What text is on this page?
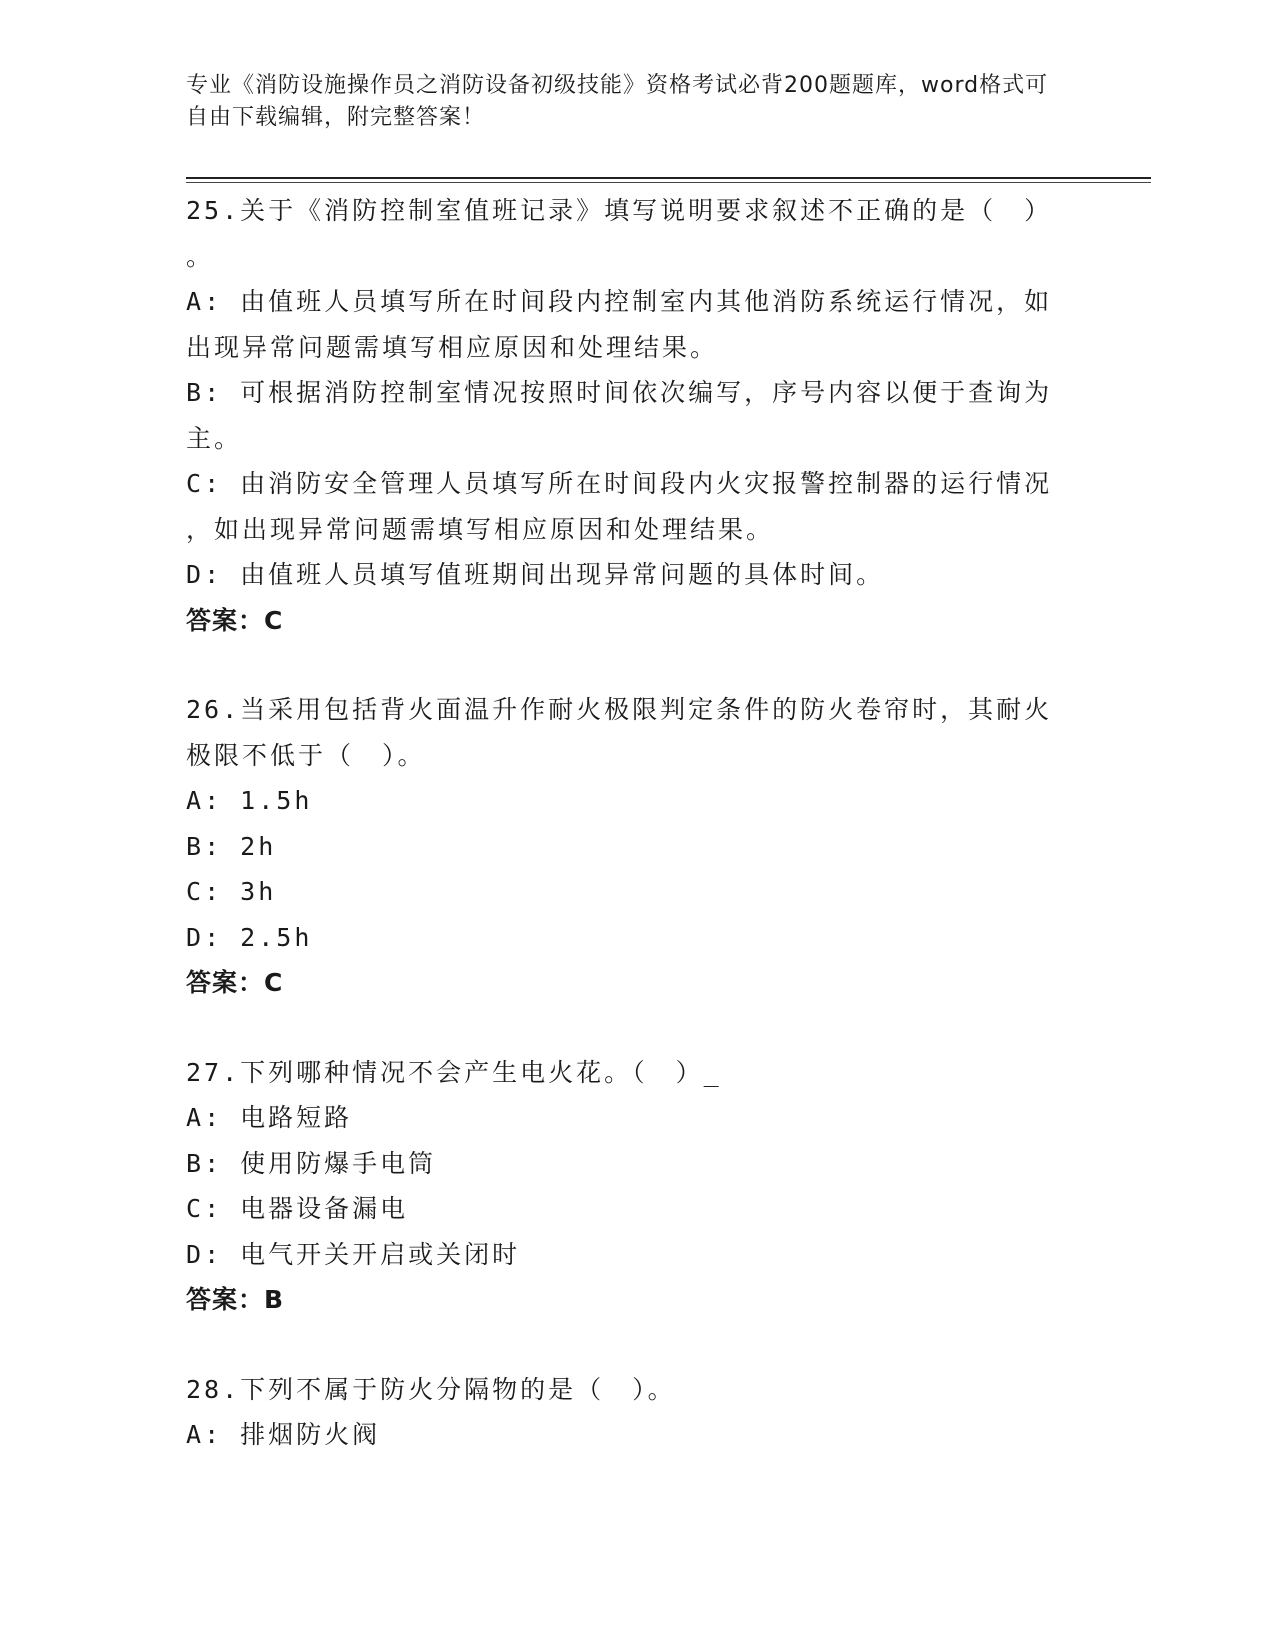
专业《消防设施操作员之消防设备初级技能》资格考试必背200题题库，word格式可自由下载编辑，附完整答案！
25.关于《消防控制室值班记录》填写说明要求叙述不正确的是（　）
。
A : 由值班人员填写所在时间段内控制室内其他消防系统运行情况，如
出现异常问题需填写相应原因和处理结果。
B : 可根据消防控制室情况按照时间依次编写，序号内容以便于查询为
主。
C : 由消防安全管理人员填写所在时间段内火灾报警控制器的运行情况
，如出现异常问题需填写相应原因和处理结果。
D : 由值班人员填写值班期间出现异常问题的具体时间。
答案：C
26.当采用包括背火面温升作耐火极限判定条件的防火卷帘时，其耐火
极限不低于（　）。
A : 1.5h
B : 2h
C : 3h
D : 2.5h
答案：C
27.下列哪种情况不会产生电火花。（　）_
A : 电路短路
B : 使用防爆手电筒
C : 电器设备漏电
D : 电气开关开启或关闭时
答案：B
28.下列不属于防火分隔物的是（　）。
A : 排烟防火阀
